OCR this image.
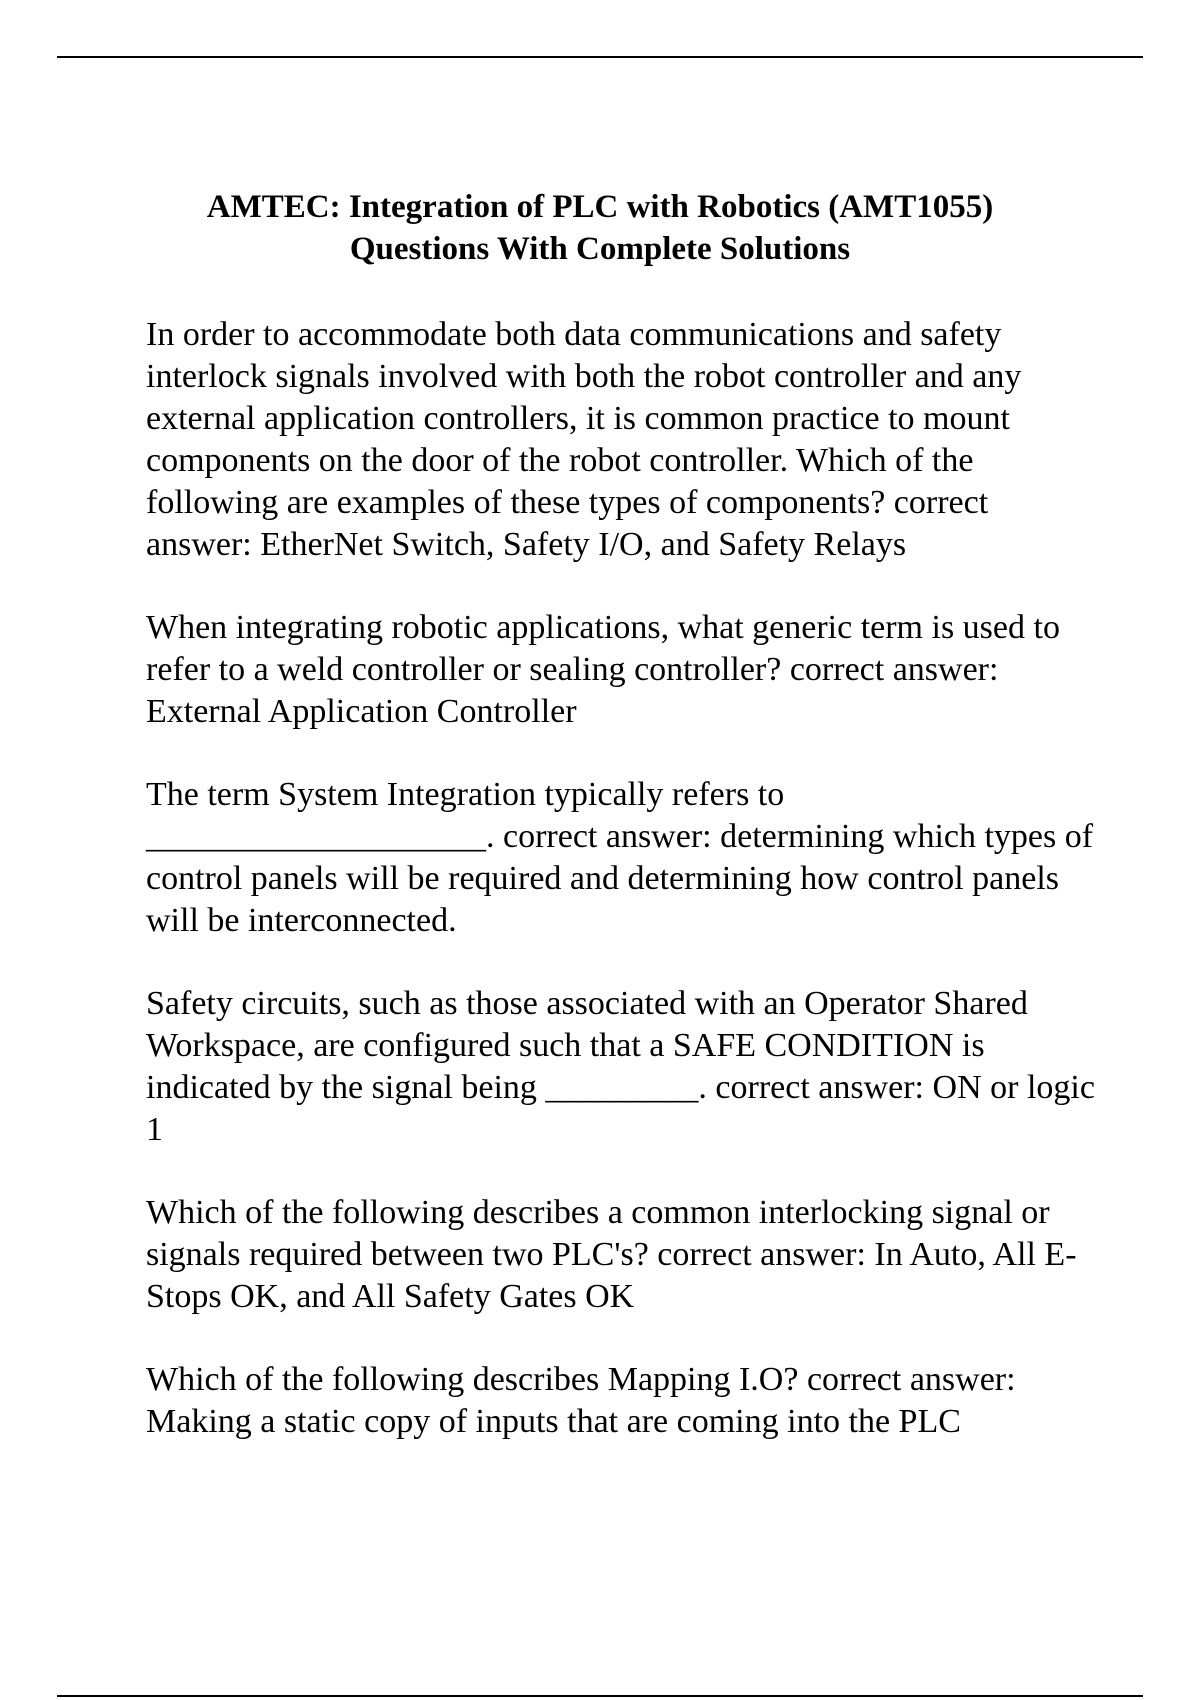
AMTEC: Integration of PLC with Robotics (AMT1055)
Questions With Complete Solutions

In order to accommodate both data communications and safety interlock signals involved with both the robot controller and any external application controllers, it is common practice to mount components on the door of the robot controller. Which of the following are examples of these types of components? correct answer: EtherNet Switch, Safety I/O, and Safety Relays

When integrating robotic applications, what generic term is used to refer to a weld controller or sealing controller? correct answer: External Application Controller

The term System Integration typically refers to ____________________. correct answer: determining which types of control panels will be required and determining how control panels will be interconnected.

Safety circuits, such as those associated with an Operator Shared Workspace, are configured such that a SAFE CONDITION is indicated by the signal being _________. correct answer: ON or logic 1

Which of the following describes a common interlocking signal or signals required between two PLC's? correct answer: In Auto, All E-Stops OK, and All Safety Gates OK

Which of the following describes Mapping I.O? correct answer: Making a static copy of inputs that are coming into the PLC
